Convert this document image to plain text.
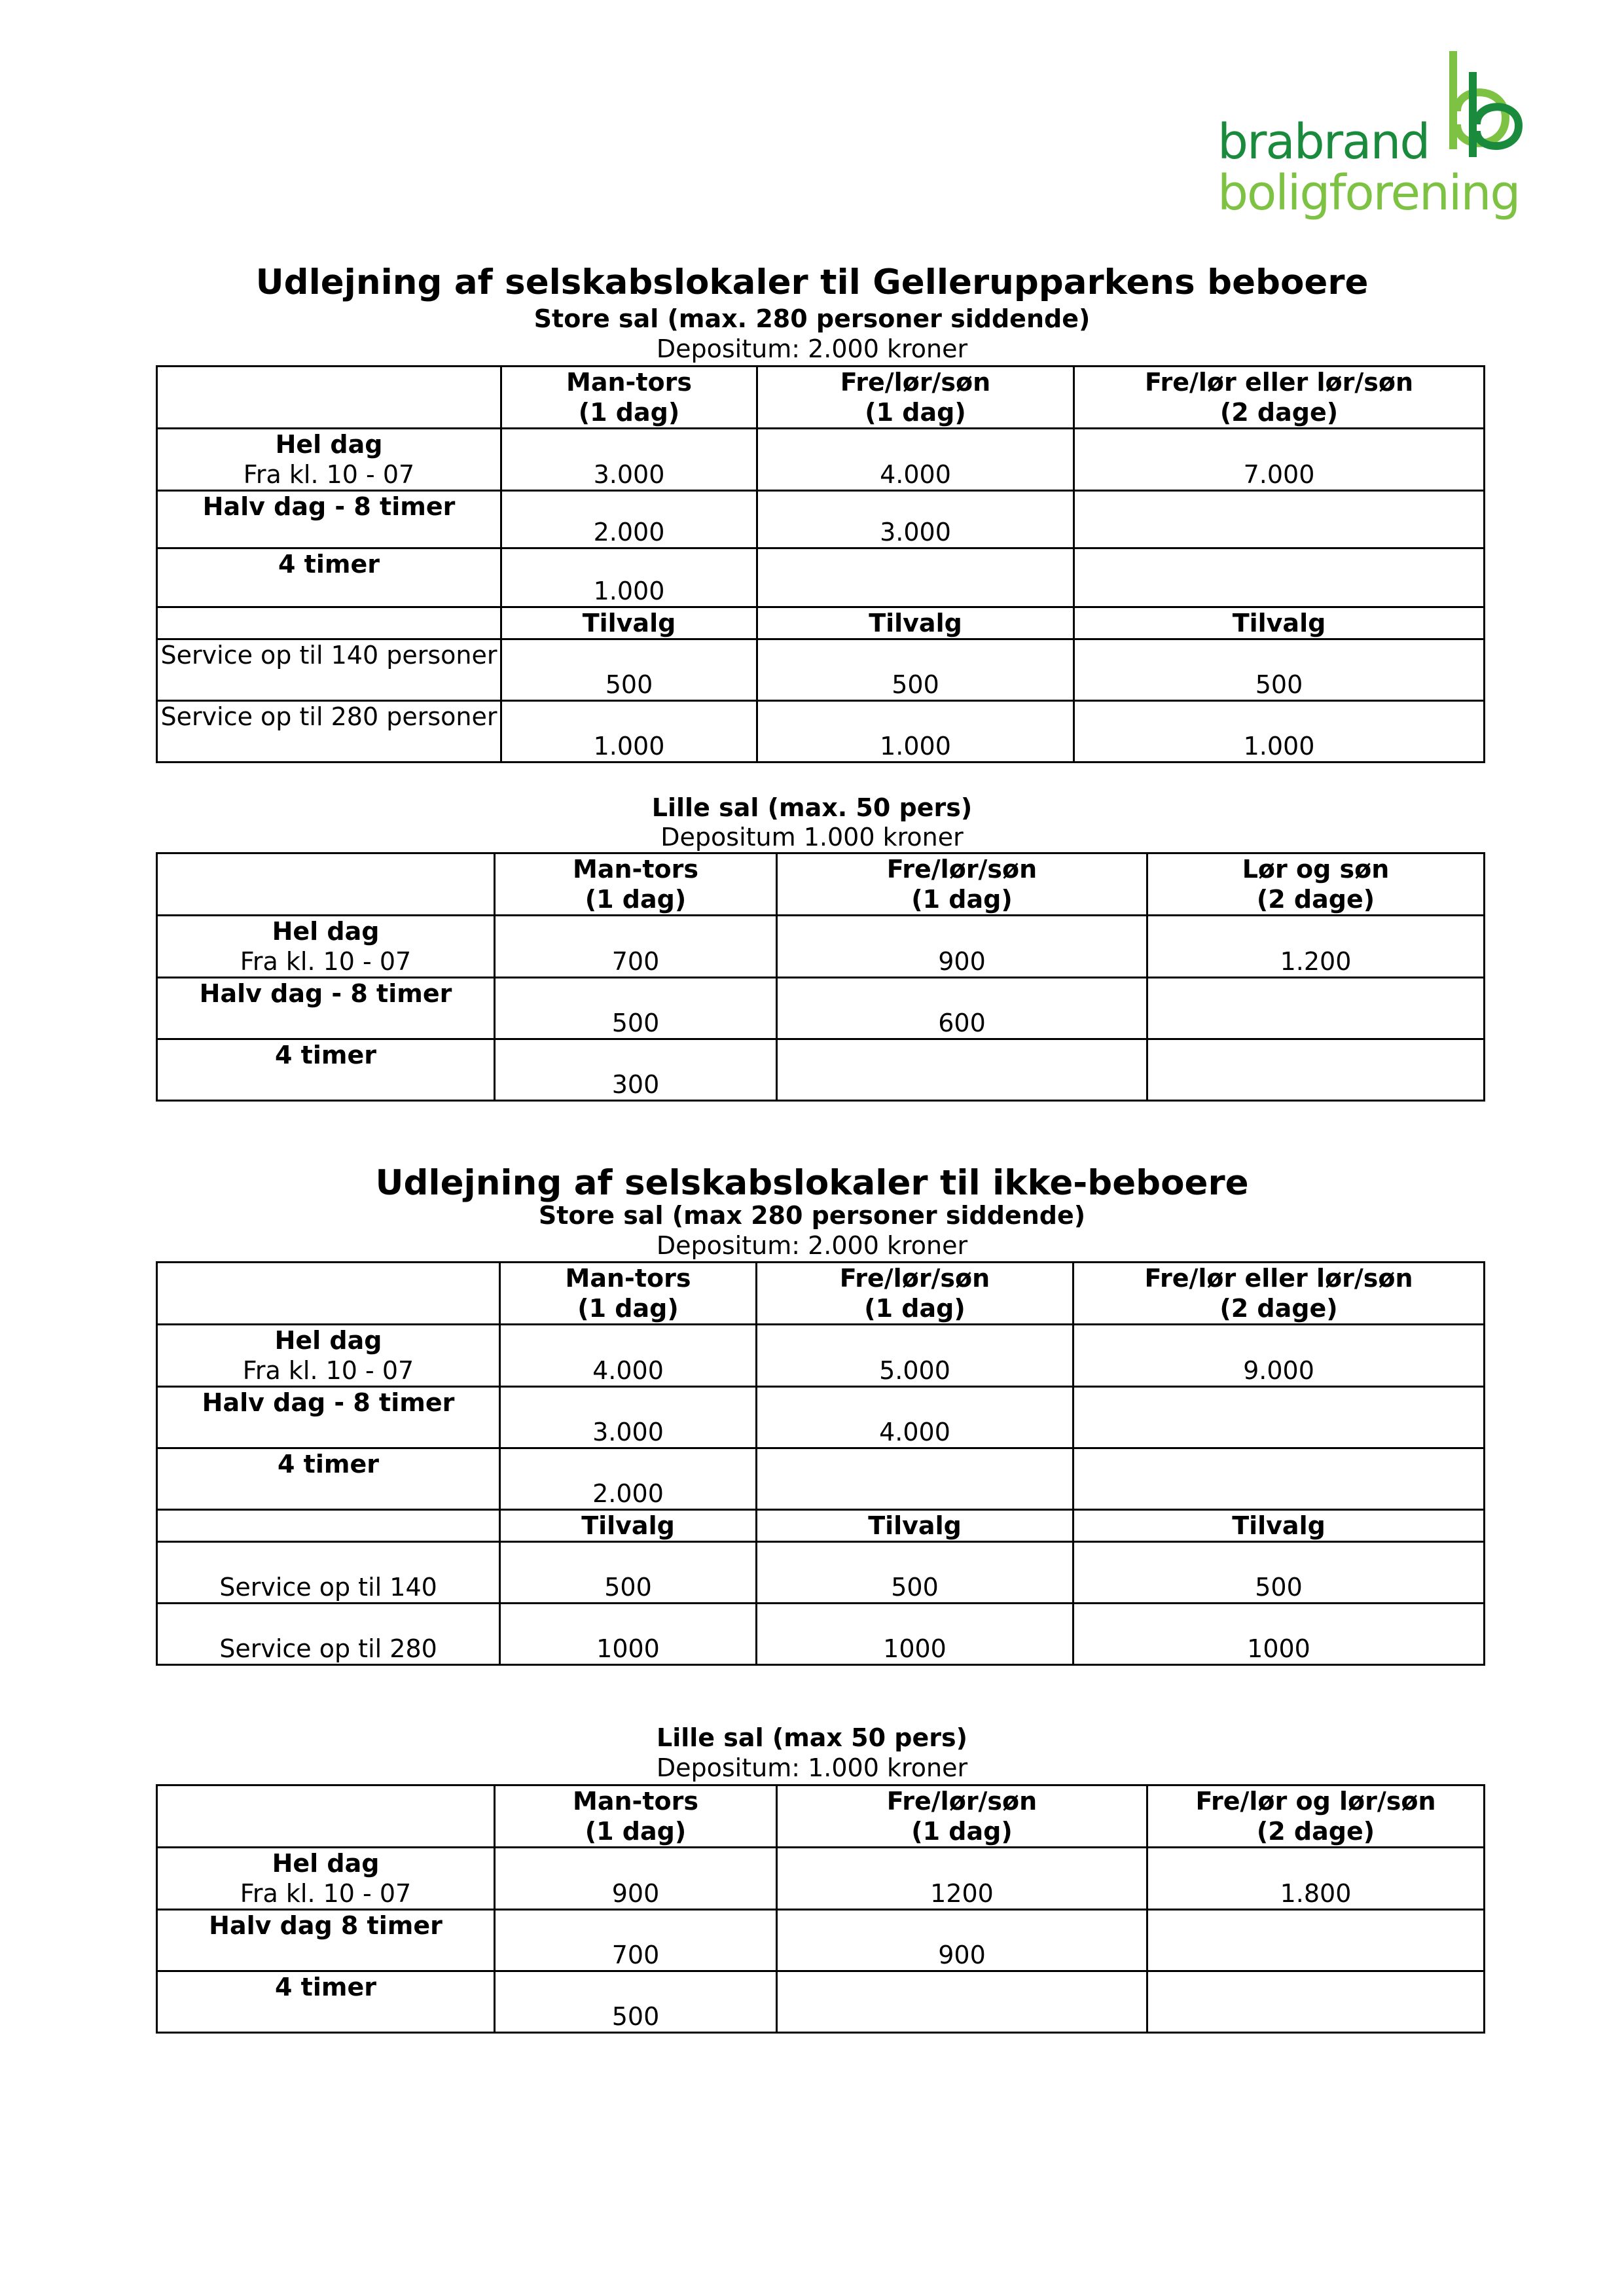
brabrand
boligforening
Udlejning af selskabslokaler til Gellerupparkens beboere
Store sal (max. 280 personer siddende)
Depositum: 2.000 kroner
	Man-tors
(1 dag)	Fre/lør/søn
(1 dag)	Fre/lør eller lør/søn
(2 dage)
Hel dag
Fra kl. 10 - 07	3.000	4.000	7.000
Halv dag - 8 timer	2.000	3.000	
4 timer	1.000		
	Tilvalg	Tilvalg	Tilvalg
Service op til 140 personer	500	500	500
Service op til 280 personer	1.000	1.000	1.000
Lille sal (max. 50 pers)
Depositum 1.000 kroner
	Man-tors
(1 dag)	Fre/lør/søn
(1 dag)	Lør og søn
(2 dage)
Hel dag
Fra kl. 10 - 07	700	900	1.200
Halv dag - 8 timer	500	600	
4 timer	300		
Udlejning af selskabslokaler til ikke-beboere
Store sal (max 280 personer siddende)
Depositum: 2.000 kroner
	Man-tors
(1 dag)	Fre/lør/søn
(1 dag)	Fre/lør eller lør/søn
(2 dage)
Hel dag
Fra kl. 10 - 07	4.000	5.000	9.000
Halv dag - 8 timer	3.000	4.000	
4 timer	2.000		
	Tilvalg	Tilvalg	Tilvalg
Service op til 140	500	500	500
Service op til 280	1000	1000	1000
Lille sal (max 50 pers)
Depositum: 1.000 kroner
	Man-tors
(1 dag)	Fre/lør/søn
(1 dag)	Fre/lør og lør/søn
(2 dage)
Hel dag
Fra kl. 10 - 07	900	1200	1.800
Halv dag 8 timer	700	900	
4 timer	500		
